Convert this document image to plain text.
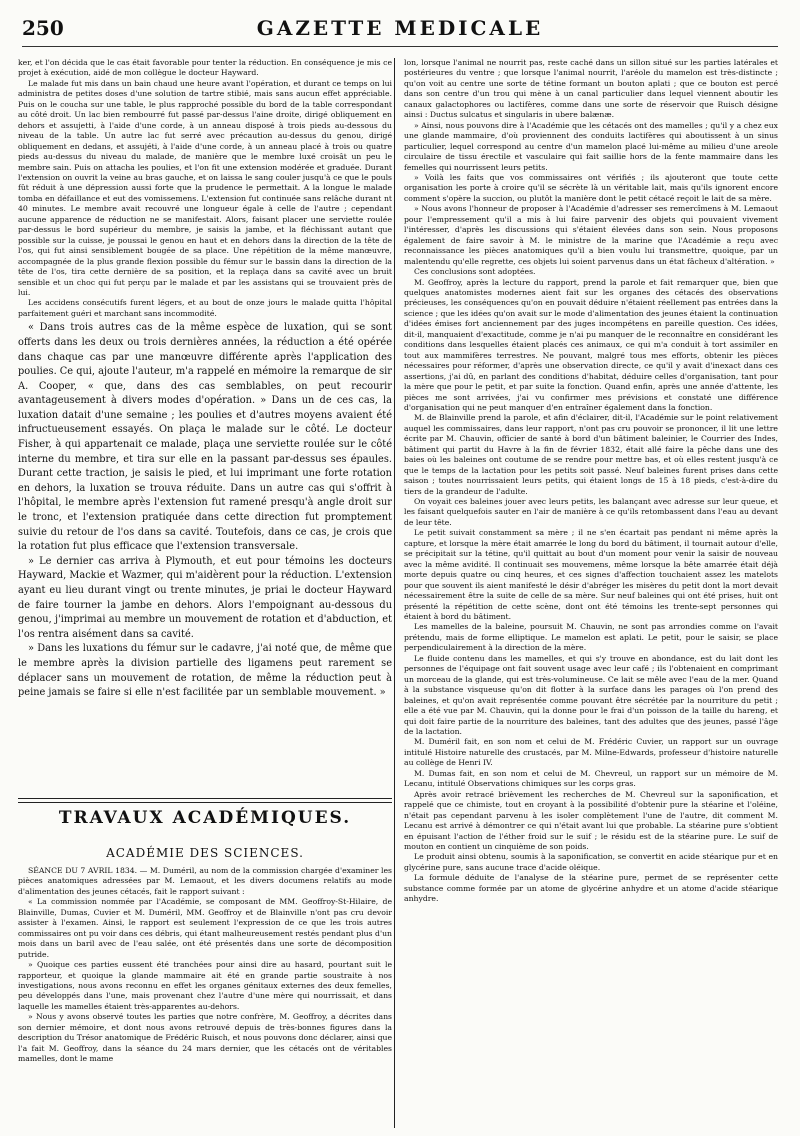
250	GAZETTE MEDICALE

ker, et l'on décida que le cas était favorable pour tenter la réduction. En conséquence je mis ce projet à exécution, aidé de mon collègue le docteur Hayward.

Le malade fut mis dans un bain chaud une heure avant l'opération, et durant ce temps on lui administra de petites doses d'une solution de tartre stibié, mais sans aucun effet appréciable. Puis on le coucha sur une table, le plus rapproché possible du bord de la table correspondant au côté droit. Un lac bien rembourré fut passé par-dessus l'aine droite, dirigé obliquement en dehors et assujetti, à l'aide d'une corde, à un anneau disposé à trois pieds au-dessous du niveau de la table. Un autre lac fut serré avec précaution au-dessus du genou, dirigé obliquement en dedans, et assujéti, à l'aide d'une corde, à un anneau placé à trois ou quatre pieds au-dessus du niveau du malade, de manière que le membre luxé croisât un peu le membre sain. Puis on attacha les poulies, et l'on fit une extension modérée et graduée. Durant l'extension on ouvrit la veine au bras gauche, et on laissa le sang couler jusqu'à ce que le pouls fût réduit à une dépression aussi forte que la prudence le permettait. A la longue le malade tomba en défaillance et eut des vomissemens. L'extension fut continuée sans relâche durant nt 40 minutes. Le membre avait recouvré une longueur égale à celle de l'autre ; cependant aucune apparence de réduction ne se manifestait. Alors, faisant placer une serviette roulée par-dessus le bord supérieur du membre, je saisis la jambe, et la fléchissant autant que possible sur la cuisse, je poussai le genou en haut et en dehors dans la direction de la tête de l'os, qui fut ainsi sensiblement bougée de sa place. Une répétition de la même manœuvre, accompagnée de la plus grande flexion possible du fémur sur le bassin dans la direction de la tête de l'os, tira cette dernière de sa position, et la replaça dans sa cavité avec un bruit sensible et un choc qui fut perçu par le malade et par les assistans qui se trouvaient près de lui.

Les accidens consécutifs furent légers, et au bout de onze jours le malade quitta l'hôpital parfaitement guéri et marchant sans incommodité.

« Dans trois autres cas de la même espèce de luxation, qui se sont offerts dans les deux ou trois dernières années, la réduction a été opérée dans chaque cas par une manœuvre différente après l'application des poulies. Ce qui, ajoute l'auteur, m'a rappelé en mémoire la remarque de sir A. Cooper, « que, dans des cas semblables, on peut recourir avantageusement à divers modes d'opération. » Dans un de ces cas, la luxation datait d'une semaine ; les poulies et d'autres moyens avaient été infructueusement essayés. On plaça le malade sur le côté. Le docteur Fisher, à qui appartenait ce malade, plaça une serviette roulée sur le côté interne du membre, et tira sur elle en la passant par-dessus ses épaules. Durant cette traction, je saisis le pied, et lui imprimant une forte rotation en dehors, la luxation se trouva réduite. Dans un autre cas qui s'offrit à l'hôpital, le membre après l'extension fut ramené presqu'à angle droit sur le tronc, et l'extension pratiquée dans cette direction fut promptement suivie du retour de l'os dans sa cavité. Toutefois, dans ce cas, je crois que la rotation fut plus efficace que l'extension transversale.

» Le dernier cas arriva à Plymouth, et eut pour témoins les docteurs Hayward, Mackie et Wazmer, qui m'aidèrent pour la réduction. L'extension ayant eu lieu durant vingt ou trente minutes, je priai le docteur Hayward de faire tourner la jambe en dehors. Alors l'empoignant au-dessous du genou, j'imprimai au membre un mouvement de rotation et d'abduction, et l'os rentra aisément dans sa cavité.

» Dans les luxations du fémur sur le cadavre, j'ai noté que, de même que le membre après la division partielle des ligamens peut rarement se déplacer sans un mouvement de rotation, de même la réduction peut à peine jamais se faire si elle n'est facilitée par un semblable mouvement. »

TRAVAUX ACADÉMIQUES.
ACADÉMIE DES SCIENCES.

SÉANCE DU 7 AVRIL 1834. — M. Duméril, au nom de la commission chargée d'examiner les pièces anatomiques adressées par M. Lemaout, et les divers documens relatifs au mode d'alimentation des jeunes cétacés, fait le rapport suivant :

« La commission nommée par l'Académie, se composant de MM. Geoffroy-St-Hilaire, de Blainville, Dumas, Cuvier et M. Duméril, MM. Geoffroy et de Blainville n'ont pas cru devoir assister à l'examen. Ainsi, le rapport est seulement l'expression de ce que les trois autres commissaires ont pu voir dans ces débris, qui étant malheureusement restés pendant plus d'un mois dans un baril avec de l'eau salée, ont été présentés dans une sorte de décomposition putride.

» Quoique ces parties eussent été tranchées pour ainsi dire au hasard, pourtant suit le rapporteur, et quoique la glande mammaire ait été en grande partie soustraite à nos investigations, nous avons reconnu en effet les organes génitaux externes des deux femelles, peu développés dans l'une, mais provenant chez l'autre d'une mère qui nourrissait, et dans laquelle les mamelles étaient très-apparentes au-dehors.

» Nous y avons observé toutes les parties que notre confrère, M. Geoffroy, a décrites dans son dernier mémoire, et dont nous avons retrouvé depuis de très-bonnes figures dans la description du Trésor anatomique de Frédéric Ruisch, et nous pouvons donc déclarer, ainsi que l'a fait M. Geoffroy, dans la séance du 24 mars dernier, que les cétacés ont de véritables mamelles, dont le mame

lon, lorsque l'animal ne nourrit pas, reste caché dans un sillon situé sur les parties latérales et postérieures du ventre ; que lorsque l'animal nourrit, l'aréole du mamelon est très-distincte ; qu'on voit au centre une sorte de tétine formant un bouton aplati ; que ce bouton est percé dans son centre d'un trou qui mène à un canal particulier dans lequel viennent aboutir les canaux galactophores ou lactifères, comme dans une sorte de réservoir que Ruisch désigne ainsi : Ductus sulcatus et singularis in ubere balænæ.

» Ainsi, nous pouvons dire à l'Académie que les cétacés ont des mamelles ; qu'il y a chez eux une glande mammaire, d'où proviennent des conduits lactifères qui aboutissent à un sinus particulier, lequel correspond au centre d'un mamelon placé lui-même au milieu d'une areole circulaire de tissu érectile et vasculaire qui fait saillie hors de la fente mammaire dans les femelles qui nourrissent leurs petits.

» Voilà les faits que vos commissaires ont vérifiés ; ils ajouteront que toute cette organisation les porte à croire qu'il se sécrète là un véritable lait, mais qu'ils ignorent encore comment s'opère la succion, ou plutôt la manière dont le petit cétacé reçoit le lait de sa mère.

» Nous avons l'honneur de proposer à l'Académie d'adresser ses remercîmens à M. Lemaout pour l'empressement qu'il a mis à lui faire parvenir des objets qui pouvaient vivement l'intéresser, d'après les discussions qui s'étaient élevées dans son sein. Nous proposons également de faire savoir à M. le ministre de la marine que l'Académie a reçu avec reconnaissance les pièces anatomiques qu'il a bien voulu lui transmettre, quoique, par un malentendu qu'elle regrette, ces objets lui soient parvenus dans un état fâcheux d'altération. »

Ces conclusions sont adoptées.

M. Geoffroy, après la lecture du rapport, prend la parole et fait remarquer que, bien que quelques anatomistes modernes aient fait sur les organes des cétacés des observations précieuses, les conséquences qu'on en pouvait déduire n'étaient réellement pas entrées dans la science ; que les idées qu'on avait sur le mode d'alimentation des jeunes étaient la continuation d'idées émises fort anciennement par des juges incompétens en pareille question. Ces idées, dit-il, manquaient d'exactitude, comme je n'ai pu manquer de le reconnaître en considérant les conditions dans lesquelles étaient placés ces animaux, ce qui m'a conduit à tort assimiler en tout aux mammifères terrestres. Ne pouvant, malgré tous mes efforts, obtenir les pièces nécessaires pour réformer, d'après une observation directe, ce qu'il y avait d'inexact dans ces assertions, j'ai dû, en parlant des conditions d'habitat, déduire celles d'organisation, tant pour la mère que pour le petit, et par suite la fonction. Quand enfin, après une année d'attente, les pièces me sont arrivées, j'ai vu confirmer mes prévisions et constaté une différence d'organisation qui ne peut manquer d'en entraîner également dans la fonction.

M. de Blainville prend la parole, et afin d'éclairer, dit-il, l'Académie sur le point relativement auquel les commissaires, dans leur rapport, n'ont pas cru pouvoir se prononcer, il lit une lettre écrite par M. Chauvin, officier de santé à bord d'un bâtiment baleinier, le Courrier des Indes, bâtiment qui partit du Havre à la fin de février 1832, était allé faire la pêche dans une des baies où les baleines ont coutume de se rendre pour mettre bas, et où elles restent jusqu'à ce que le temps de la lactation pour les petits soit passé. Neuf baleines furent prises dans cette saison ; toutes nourrissaient leurs petits, qui étaient longs de 15 à 18 pieds, c'est-à-dire du tiers de la grandeur de l'adulte.

On voyait ces baleines jouer avec leurs petits, les balançant avec adresse sur leur queue, et les faisant quelquefois sauter en l'air de manière à ce qu'ils retombassent dans l'eau au devant de leur tête.

Le petit suivait constamment sa mère ; il ne s'en écartait pas pendant ni même après la capture, et lorsque la mère était amarrée le long du bord du bâtiment, il tournait autour d'elle, se précipitait sur la tétine, qu'il quittait au bout d'un moment pour venir la saisir de nouveau avec la même avidité. Il continuait ses mouvemens, même lorsque la bête amarrée était déjà morte depuis quatre ou cinq heures, et ces signes d'affection touchaient assez les matelots pour que souvent ils aient manifesté le désir d'abréger les misères du petit dont la mort devait nécessairement être la suite de celle de sa mère. Sur neuf baleines qui ont été prises, huit ont présenté la répétition de cette scène, dont ont été témoins les trente-sept personnes qui étaient à bord du bâtiment.

Les mamelles de la baleine, poursuit M. Chauvin, ne sont pas arrondies comme on l'avait prétendu, mais de forme elliptique. Le mamelon est aplati. Le petit, pour le saisir, se place perpendiculairement à la direction de la mère.

Le fluide contenu dans les mamelles, et qui s'y trouve en abondance, est du lait dont les personnes de l'équipage ont fait souvent usage avec leur café ; ils l'obtenaient en comprimant un morceau de la glande, qui est très-volumineuse. Ce lait se mêle avec l'eau de la mer. Quand à la substance visqueuse qu'on dit flotter à la surface dans les parages où l'on prend des baleines, et qu'on avait représentée comme pouvant être sécrétée par la nourriture du petit ; elle a été vue par M. Chauvin, qui la donne pour le frai d'un poisson de la taille du hareng, et qui doit faire partie de la nourriture des baleines, tant des adultes que des jeunes, passé l'âge de la lactation.

M. Duméril fait, en son nom et celui de M. Frédéric Cuvier, un rapport sur un ouvrage intitulé Histoire naturelle des crustacés, par M. Milne-Edwards, professeur d'histoire naturelle au collège de Henri IV.

M. Dumas fait, en son nom et celui de M. Chevreul, un rapport sur un mémoire de M. Lecanu, intitulé Observations chimiques sur les corps gras.

Après avoir retracé brièvement les recherches de M. Chevreul sur la saponification, et rappelé que ce chimiste, tout en croyant à la possibilité d'obtenir pure la stéarine et l'oléine, n'était pas cependant parvenu à les isoler complètement l'une de l'autre, dit comment M. Lecanu est arrivé à démontrer ce qui n'était avant lui que probable. La stéarine pure s'obtient en épuisant l'action de l'éther froid sur le suif ; le résidu est de la stéarine pure. Le suif de mouton en contient un cinquième de son poids.

Le produit ainsi obtenu, soumis à la saponification, se convertit en acide stéarique pur et en glycérine pure, sans aucune trace d'acide oléique.

La formule déduite de l'analyse de la stéarine pure, permet de se représenter cette substance comme formée par un atome de glycérine anhydre et un atome d'acide stéarique anhydre.
